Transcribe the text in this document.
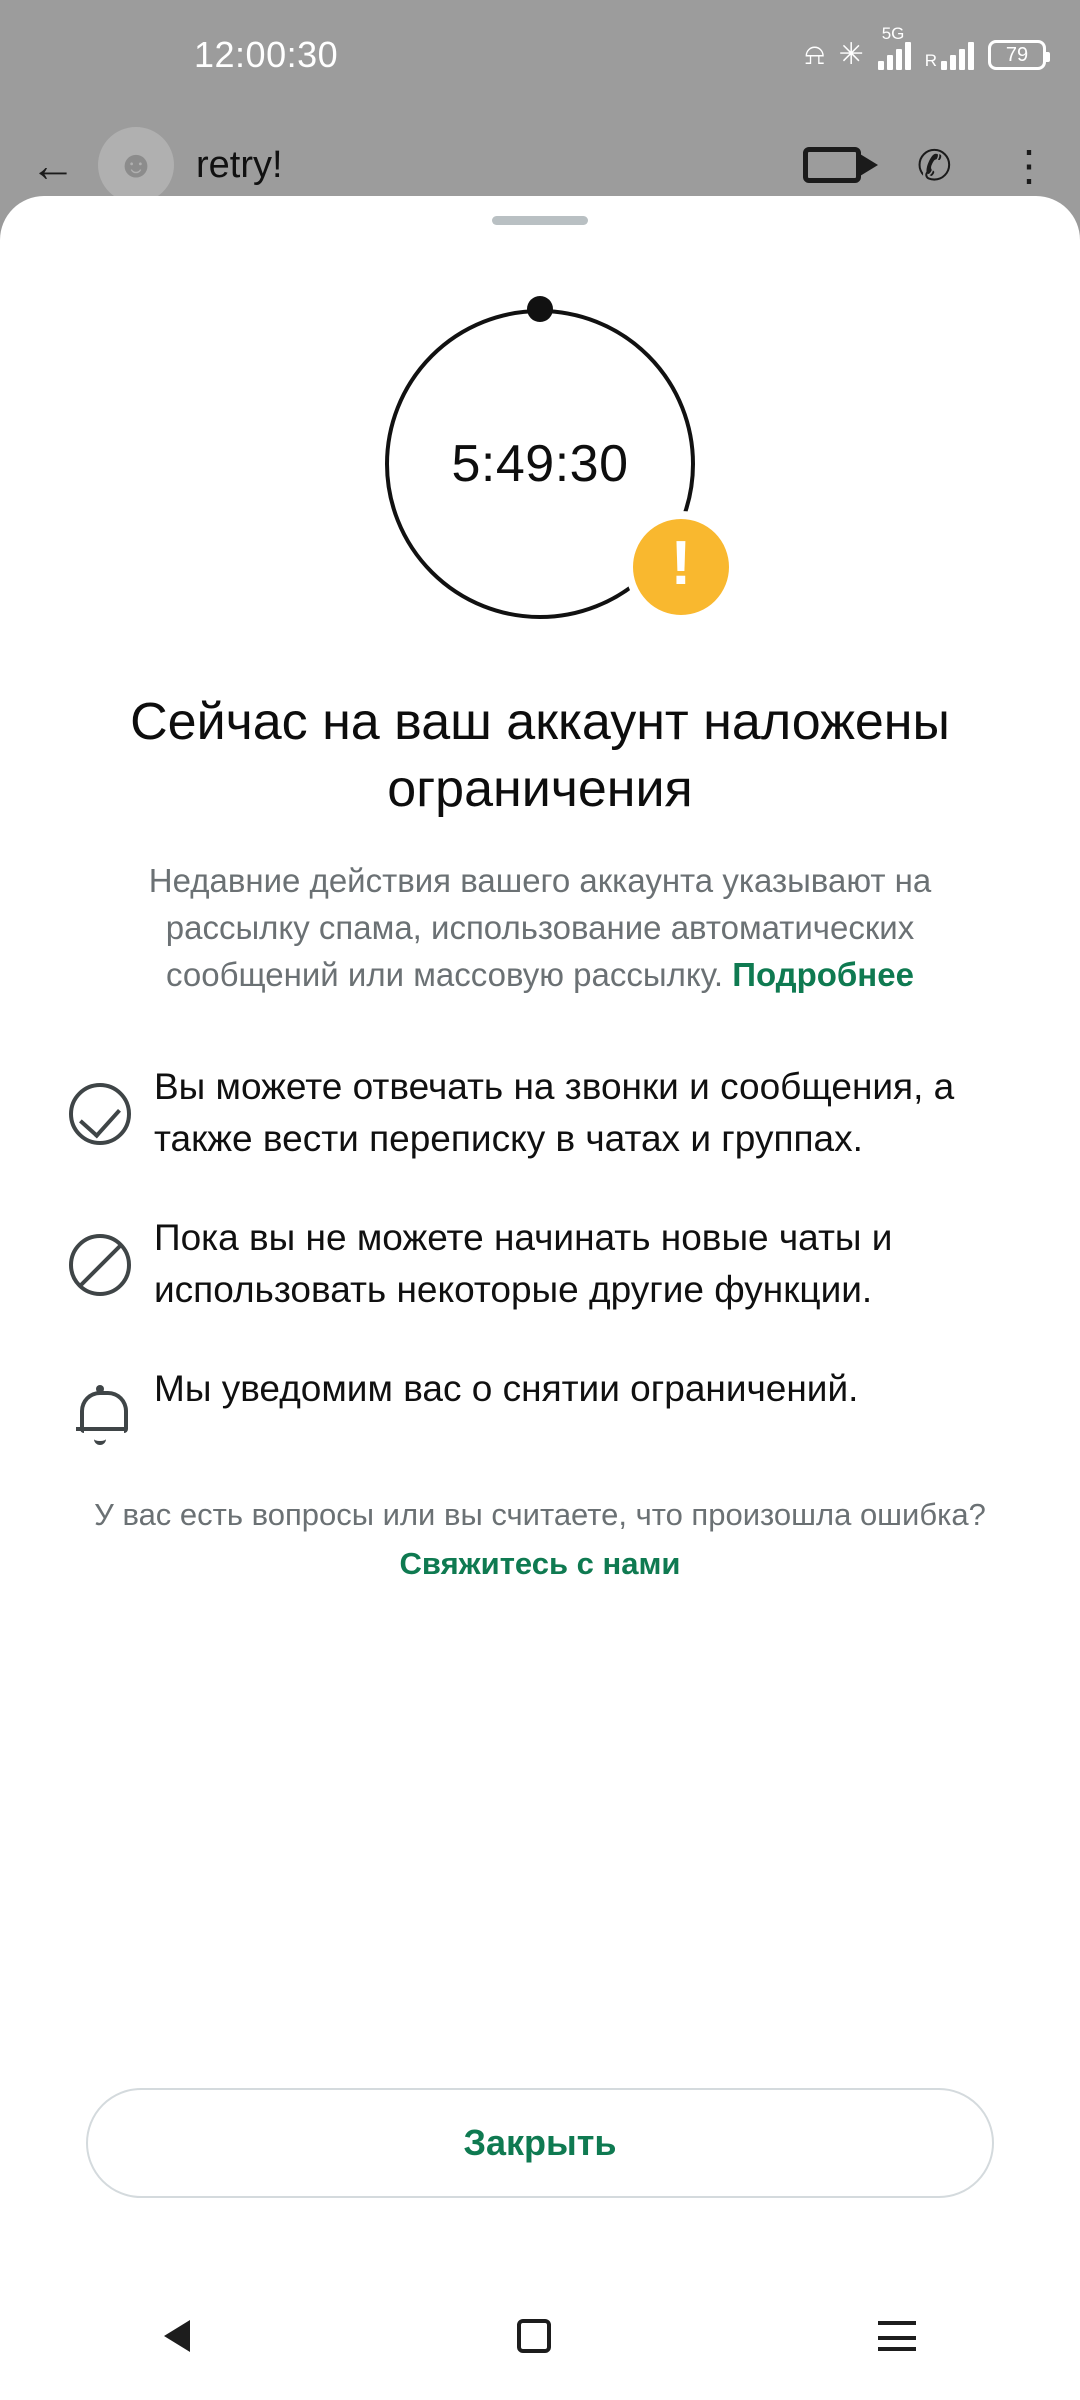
12:00:30	⍾ ✳
5G
R	79
←	☻	retry!	✆ ⋮
5:49:30
!
Сейчас на ваш аккаунт наложены ограничения
Недавние действия вашего аккаунта указывают на рассылку спама, использование автоматических сообщений или массовую рассылку. Подробнее
Вы можете отвечать на звонки и сообщения, а также вести переписку в чатах и группах.
Пока вы не можете начинать новые чаты и использовать некоторые другие функции.
Мы уведомим вас о снятии ограничений.
У вас есть вопросы или вы считаете, что произошла ошибка?
Свяжитесь с нами
Закрыть
